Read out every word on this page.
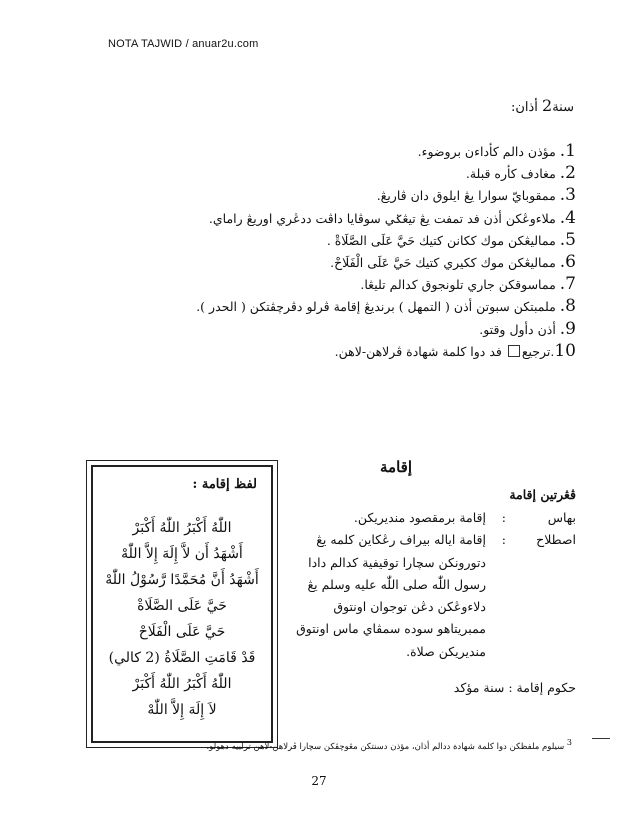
NOTA TAJWID / anuar2u.com
سنة2 أذان:
1. مؤذن دالم كأداءن بروضوء.
2. مغادف كأره قبلة.
3. ممقوبايّ سوارا يڠ ايلوق دان ڤاريڠ.
4. ملاءوڠكن أذن فد تمفت يڠ تيڠݢي سوڤايا داڤت ددڠري اوريڠ راماي.
5. مماليڠكن موك ككانن كتيك حَيَّ عَلَى الصَّلَاةْ .
6. مماليڠكن موك ككيري كتيك حَيَّ عَلَى الْفَلَاحْ.
7. مماسوقكن جاري تلونجوق كدالم تليڠا.
8. ملمبتكن سبوتن أذن ( التمهل ) برنديڠ إقامة ڤرلو دڤرچڤتكن ( الحدر ).
9. أذن دأول وقتو.
10.ترجيع فد دوا كلمة شهادة ڤرلاهن-لاهن.
لفظ إقامة :
اللّٰهُ أَكْبَرُ اللّٰهُ أَكْبَرْ
أَشْهَدُ أَن لاَّ إِلَهَ إِلاَّ اللّٰهْ
أَشْهَدُ أَنَّ مُحَمَّدًا رَّسُوْلُ اللّٰهْ
حَيَّ عَلَى الصَّلَاةْ
حَيَّ عَلَى الْفَلَاحْ
قَدْ قَامَتِ الصَّلَاةُ (2 كالي)
اللّٰهُ أَكْبَرُ اللّٰهُ أَكْبَرْ
لاَ إِلَهَ إِلاَّ اللّٰهْ
إقامة
ڤڠرتين إقامة
بهاس
:
إقامة برمقصود منديريكن.
اصطلاح
:
إقامة اياله بيراف رڠكاين كلمه يڠ
دتورونكن سچارا توقيفية كدالم دادا
رسول اللّٰه صلى اللّٰه عليه وسلم يڠ
دلاءوڠكن دڠن توجوان اونتوق
ممبريتاهو سوده سمڤاي ماس اونتوق
منديريكن صلاة.
حكوم إقامة : سنة مؤكد
$^3$ سيلوم ملفظكن دوا كلمة شهادة ددالم أذان، مؤذن دسنتكن مڠوچڤكن سچارا ڤرلاهن-لاهن ترلبيه دهولو.
27
